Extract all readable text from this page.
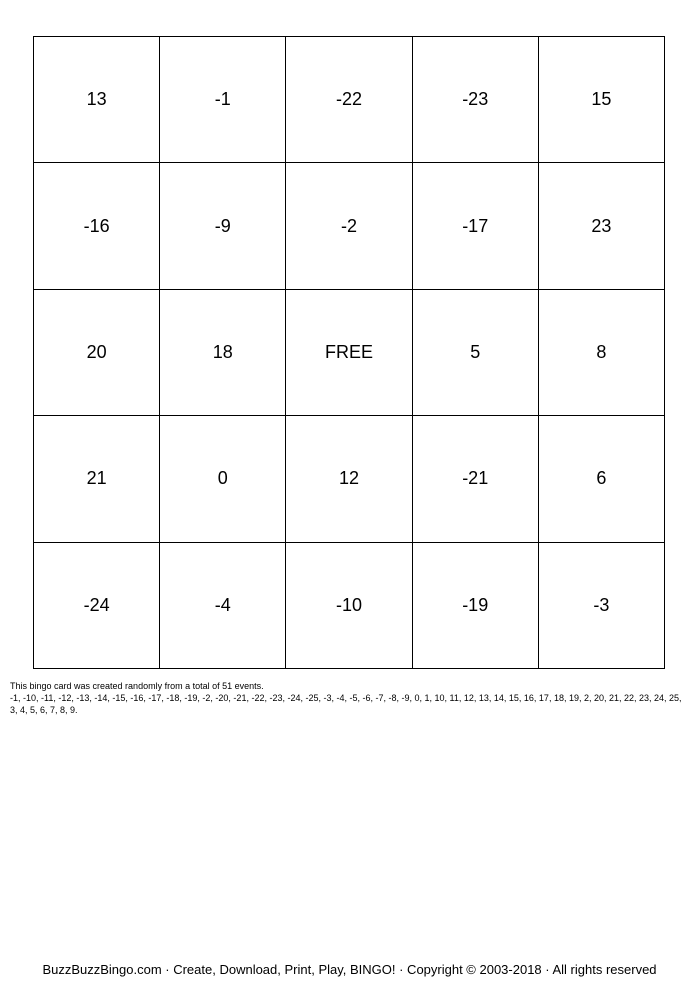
13	-1	-22	-23	15
-16	-9	-2	-17	23
20	18	FREE	5	8
21	0	12	-21	6
-24	-4	-10	-19	-3

This bingo card was created randomly from a total of 51 events.

-1, -10, -11, -12, -13, -14, -15, -16, -17, -18, -19, -2, -20, -21, -22, -23, -24, -25, -3, -4, -5, -6, -7, -8, -9, 0, 1, 10, 11, 12, 13, 14, 15, 16, 17, 18, 19, 2, 20, 21, 22, 23, 24, 25, 3, 4, 5, 6, 7, 8, 9.

BuzzBuzzBingo.com · Create, Download, Print, Play, BINGO! · Copyright © 2003-2018 · All rights reserved
